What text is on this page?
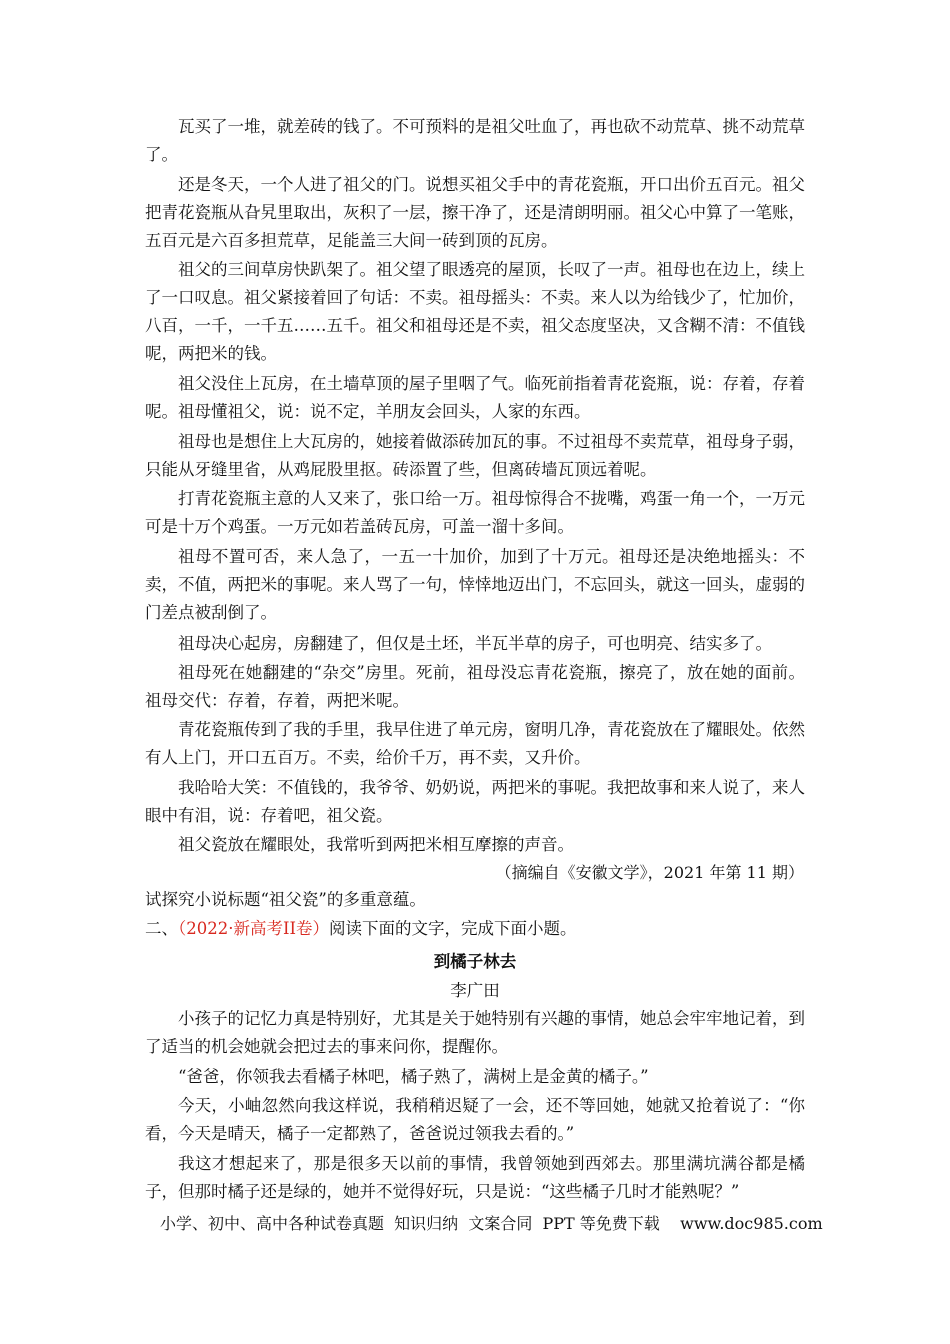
瓦买了一堆，就差砖的钱了。不可预料的是祖父吐血了，再也砍不动荒草、挑不动荒草了。

还是冬天，一个人进了祖父的门。说想买祖父手中的青花瓷瓶，开口出价五百元。祖父把青花瓷瓶从旮旯里取出，灰积了一层，擦干净了，还是清朗明丽。祖父心中算了一笔账，五百元是六百多担荒草，足能盖三大间一砖到顶的瓦房。

祖父的三间草房快趴架了。祖父望了眼透亮的屋顶，长叹了一声。祖母也在边上，续上了一口叹息。祖父紧接着回了句话：不卖。祖母摇头：不卖。来人以为给钱少了，忙加价，八百，一千，一千五……五千。祖父和祖母还是不卖，祖父态度坚决，又含糊不清：不值钱呢，两把米的钱。

祖父没住上瓦房，在土墙草顶的屋子里咽了气。临死前指着青花瓷瓶，说：存着，存着呢。祖母懂祖父，说：说不定，羊朋友会回头，人家的东西。

祖母也是想住上大瓦房的，她接着做添砖加瓦的事。不过祖母不卖荒草，祖母身子弱，只能从牙缝里省，从鸡屁股里抠。砖添置了些，但离砖墙瓦顶远着呢。

打青花瓷瓶主意的人又来了，张口给一万。祖母惊得合不拢嘴，鸡蛋一角一个，一万元可是十万个鸡蛋。一万元如若盖砖瓦房，可盖一溜十多间。

祖母不置可否，来人急了，一五一十加价，加到了十万元。祖母还是决绝地摇头：不卖，不值，两把米的事呢。来人骂了一句，悻悻地迈出门，不忘回头，就这一回头，虚弱的门差点被刮倒了。

祖母决心起房，房翻建了，但仅是土坯，半瓦半草的房子，可也明亮、结实多了。

祖母死在她翻建的“杂交”房里。死前，祖母没忘青花瓷瓶，擦亮了，放在她的面前。祖母交代：存着，存着，两把米呢。

青花瓷瓶传到了我的手里，我早住进了单元房，窗明几净，青花瓷放在了耀眼处。依然有人上门，开口五百万。不卖，给价千万，再不卖，又升价。

我哈哈大笑：不值钱的，我爷爷、奶奶说，两把米的事呢。我把故事和来人说了，来人眼中有泪，说：存着吧，祖父瓷。

祖父瓷放在耀眼处，我常听到两把米相互摩擦的声音。

（摘编自《安徽文学》，2021 年第 11 期）

试探究小说标题“祖父瓷”的多重意蕴。

二、（2022·新高考II卷）阅读下面的文字，完成下面小题。

到橘子林去
李广田

小孩子的记忆力真是特别好，尤其是关于她特别有兴趣的事情，她总会牢牢地记着，到了适当的机会她就会把过去的事来问你，提醒你。

“爸爸，你领我去看橘子林吧，橘子熟了，满树上是金黄的橘子。”

今天，小岫忽然向我这样说，我稍稍迟疑了一会，还不等回她，她就又抢着说了：“你看，今天是晴天，橘子一定都熟了，爸爸说过领我去看的。”

我这才想起来了，那是很多天以前的事情，我曾领她到西郊去。那里满坑满谷都是橘子，但那时橘子还是绿的，她并不觉得好玩，只是说：“这些橘子几时才能熟呢？”

小学、初中、高中各种试卷真题  知识归纳  文案合同  PPT 等免费下载    www.doc985.com
